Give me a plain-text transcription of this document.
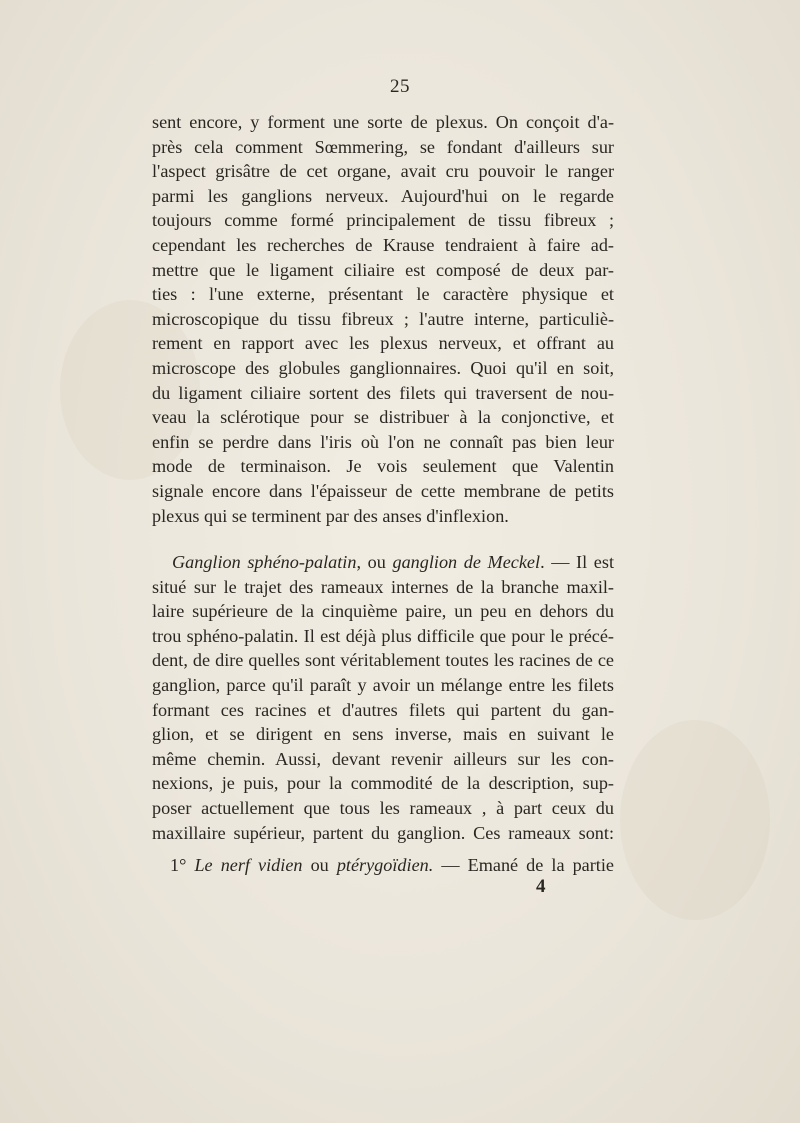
25
sent encore, y forment une sorte de plexus. On conçoit d'a-
près cela comment Sœmmering, se fondant d'ailleurs sur
l'aspect grisâtre de cet organe, avait cru pouvoir le ranger
parmi les ganglions nerveux. Aujourd'hui on le regarde
toujours comme formé principalement de tissu fibreux ;
cependant les recherches de Krause tendraient à faire ad-
mettre que le ligament ciliaire est composé de deux par-
ties : l'une externe, présentant le caractère physique et
microscopique du tissu fibreux ; l'autre interne, particuliè-
rement en rapport avec les plexus nerveux, et offrant au
microscope des globules ganglionnaires. Quoi qu'il en soit,
du ligament ciliaire sortent des filets qui traversent de nou-
veau la sclérotique pour se distribuer à la conjonctive, et
enfin se perdre dans l'iris où l'on ne connaît pas bien leur
mode de terminaison. Je vois seulement que Valentin
signale encore dans l'épaisseur de cette membrane de petits
plexus qui se terminent par des anses d'inflexion.
Ganglion sphéno-palatin, ou ganglion de Meckel. — Il est
situé sur le trajet des rameaux internes de la branche maxil-
laire supérieure de la cinquième paire, un peu en dehors du
trou sphéno-palatin. Il est déjà plus difficile que pour le précé-
dent, de dire quelles sont véritablement toutes les racines de ce
ganglion, parce qu'il paraît y avoir un mélange entre les filets
formant ces racines et d'autres filets qui partent du gan-
glion, et se dirigent en sens inverse, mais en suivant le
même chemin. Aussi, devant revenir ailleurs sur les con-
nexions, je puis, pour la commodité de la description, sup-
poser actuellement que tous les rameaux , à part ceux du
maxillaire supérieur, partent du ganglion. Ces rameaux sont:
1° Le nerf vidien ou ptérygoïdien. — Emané de la partie
4
